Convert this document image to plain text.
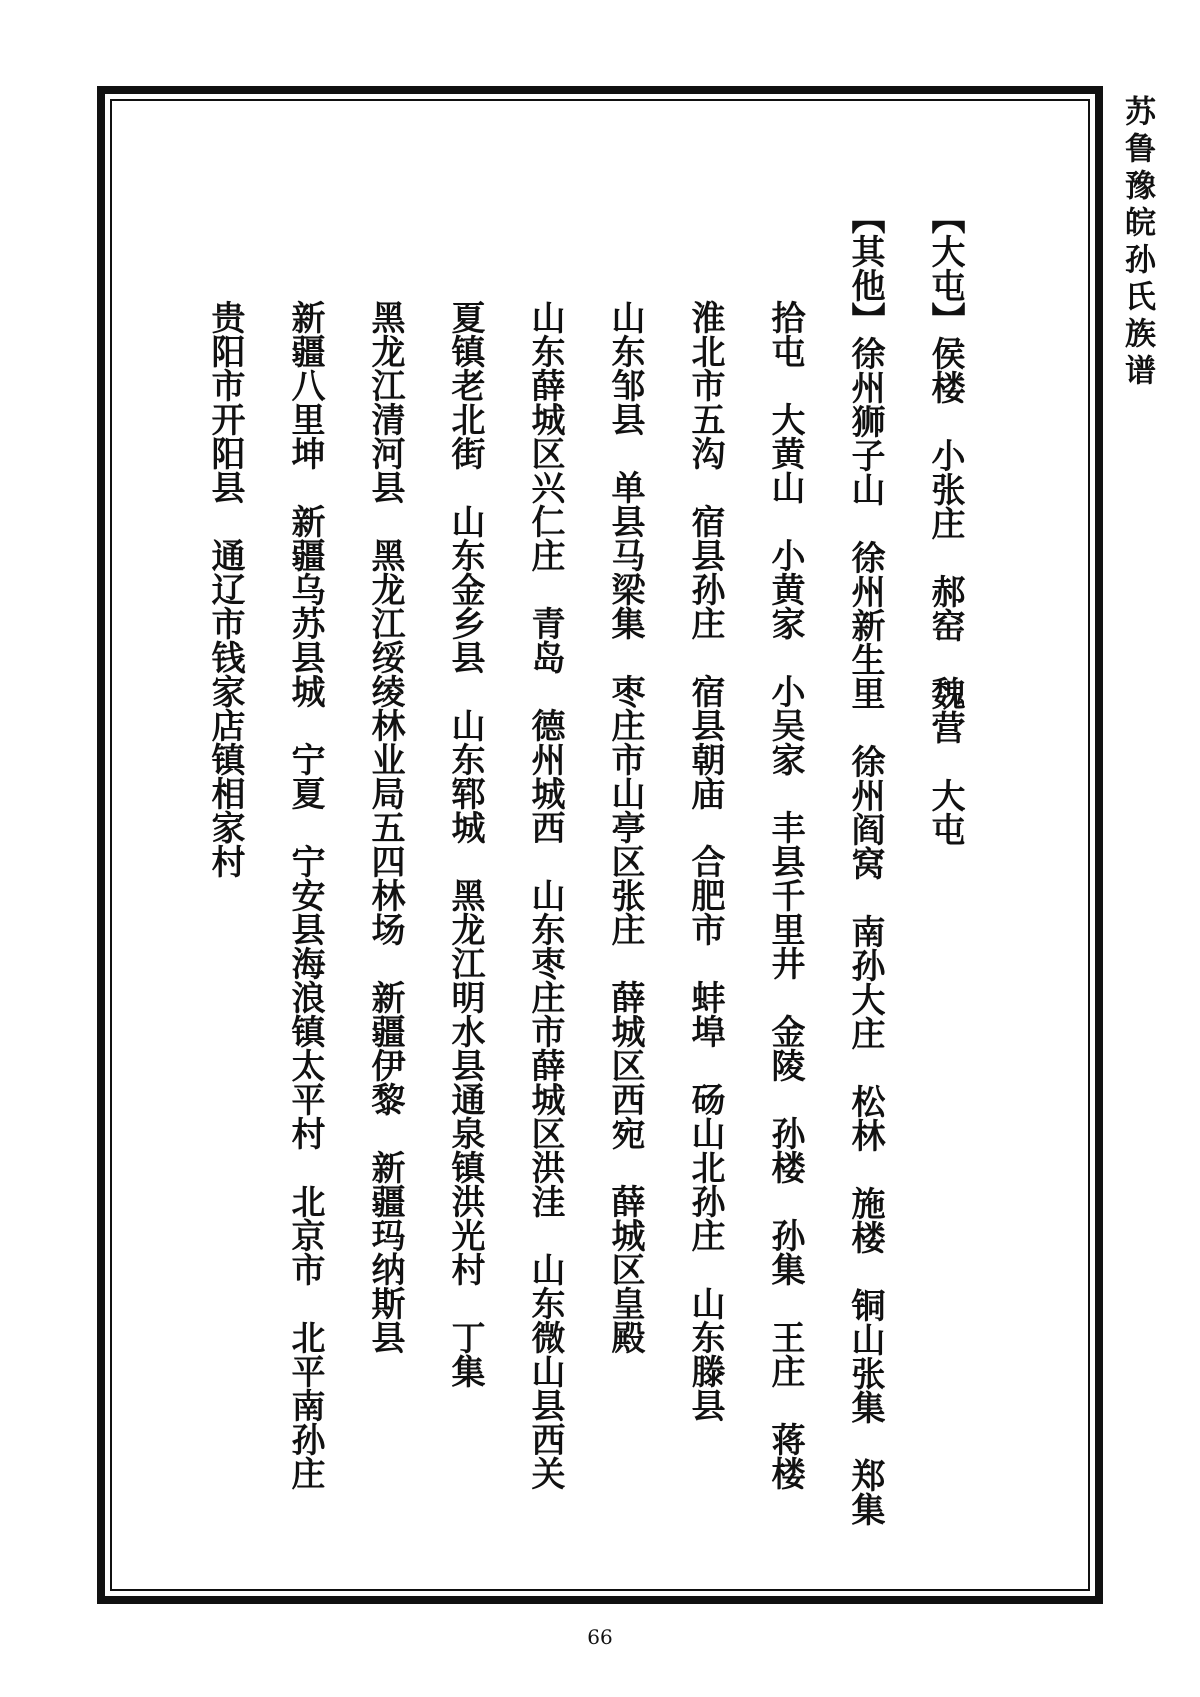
苏鲁豫皖孙氏族谱
【大屯】侯楼　小张庄　郝窑　魏营　大屯
【其他】徐州狮子山　徐州新生里　徐州阎窝　南孙大庄　松林　施楼　铜山张集　郑集
拾屯　大黄山　小黄家　小吴家　丰县千里井　金陵　孙楼　孙集　王庄　蒋楼
淮北市五沟　宿县孙庄　宿县朝庙　合肥市　蚌埠　砀山北孙庄　山东滕县
山东邹县　单县马梁集　枣庄市山亭区张庄　薛城区西宛　薛城区皇殿
山东薛城区兴仁庄　青岛　德州城西　山东枣庄市薛城区洪洼　山东微山县西关
夏镇老北街　山东金乡县　山东郓城　黑龙江明水县通泉镇洪光村　丁集
黑龙江清河县　黑龙江绥绫林业局五四林场　新疆伊黎　新疆玛纳斯县
新疆八里坤　新疆乌苏县城　宁夏　宁安县海浪镇太平村　北京市　北平南孙庄
贵阳市开阳县　通辽市钱家店镇相家村
66
